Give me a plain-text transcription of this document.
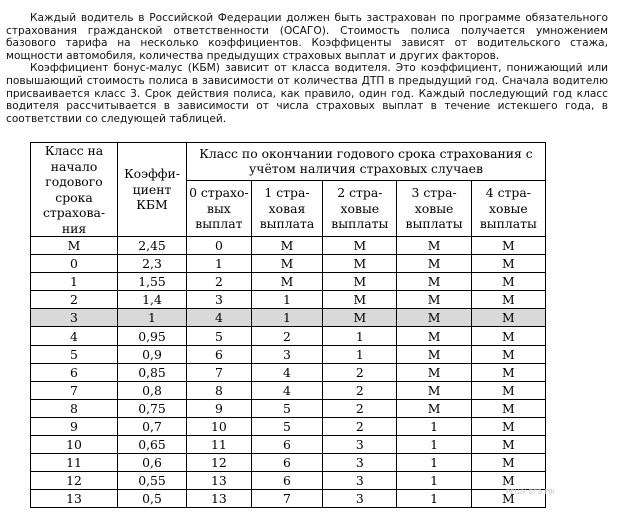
Каждый водитель в Российской Федерации должен быть застрахован по программе обязательного страхования гражданской ответственности (ОСАГО). Стоимость полиса получается умножением базового тарифа на несколько коэффициентов. Коэффиценты зависят от водительского стажа, мощности автомобиля, количества предыдущих страховых выплат и других факторов.

Коэффициент бонус-малус (КБМ) зависит от класса водителя. Это коэффициент, понижающий или повышающий стоимость полиса в зависимости от количества ДТП в предыдущий год. Сначала водителю присваивается класс 3. Срок действия полиса, как правило, один год. Каждый последующий год класс водителя рассчитывается в зависимости от числа страховых выплат в течение истекшего года, в соответствии со следующей таблицей.

Класс на начало годового срока страхова-ния	Коэффи-циент КБМ	Класс по окончании годового срока страхования с учётом наличия страховых случаев				
		0 страхо-вых выплат	1 стра-ховая выплата	2 стра-ховые выплаты	3 стра-ховые выплаты	4 стра-ховые выплаты
М	2,45	0	М	М	М	М
0	2,3	1	М	М	М	М
1	1,55	2	М	М	М	М
2	1,4	3	1	М	М	М
3	1	4	1	М	М	М
4	0,95	5	2	1	М	М
5	0,9	6	3	1	М	М
6	0,85	7	4	2	М	М
7	0,8	8	4	2	М	М
8	0,75	9	5	2	М	М
9	0,7	10	5	2	1	М
10	0,65	11	6	3	1	М
11	0,6	12	6	3	1	М
12	0,55	13	6	3	1	М
13	0,5	13	7	3	1	М
РЕШУ ЕГЭ.РФ
